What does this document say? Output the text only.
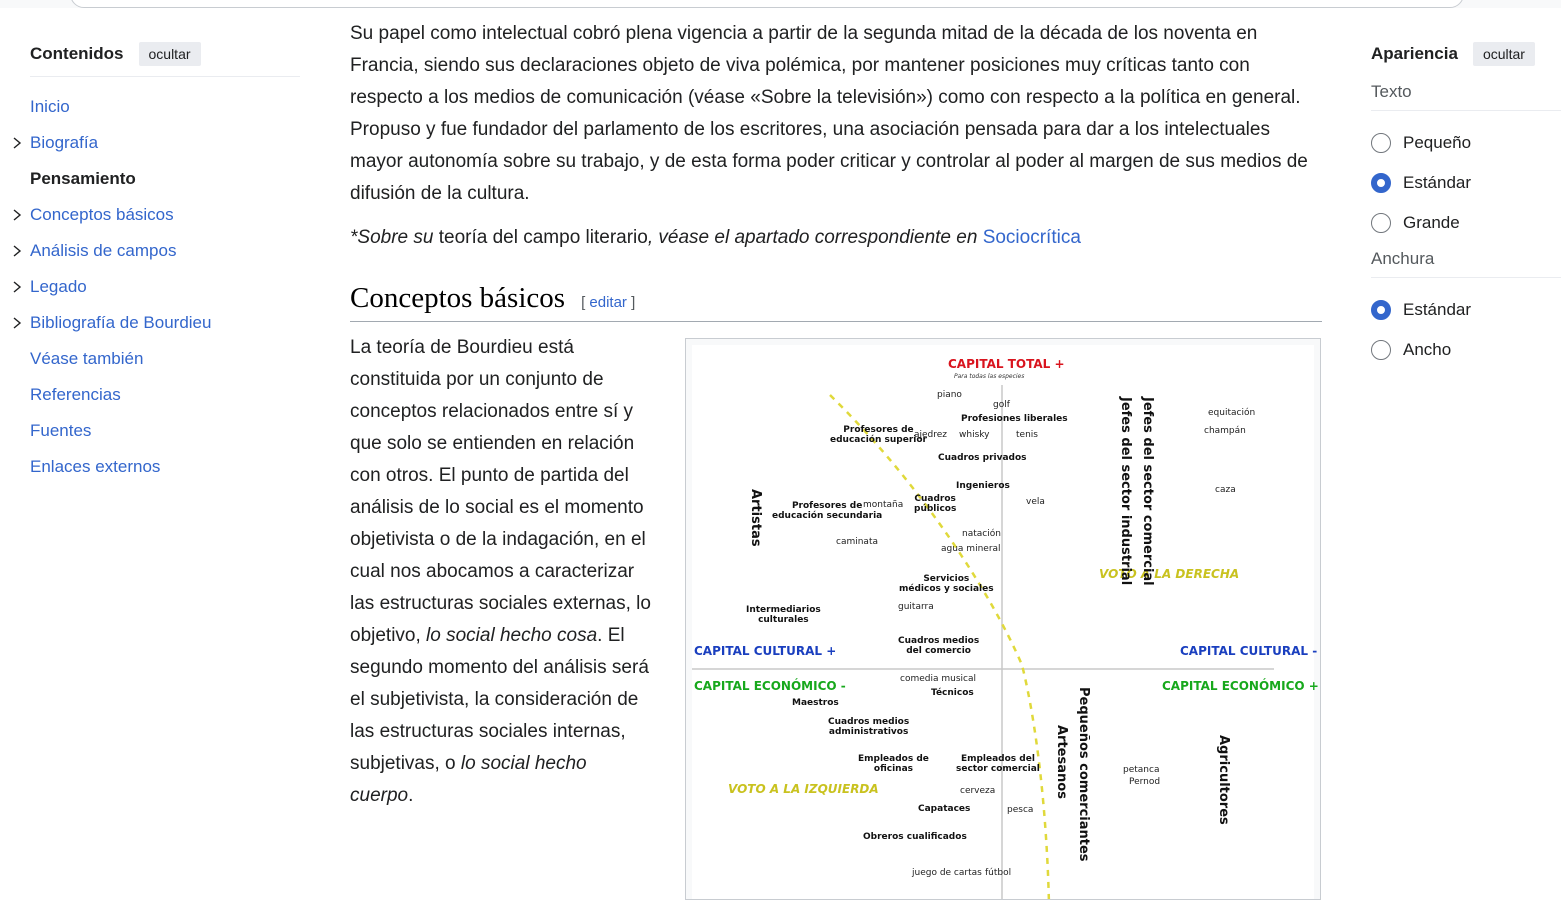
Contenidos	ocultar
Inicio
Biografía
Pensamiento
Conceptos básicos
Análisis de campos
Legado
Bibliografía de Bourdieu
Véase también
Referencias
Fuentes
Enlaces externos

Su papel como intelectual cobró plena vigencia a partir de la segunda mitad de la década de los noventa en Francia, siendo sus declaraciones objeto de viva polémica, por mantener posiciones muy críticas tanto con respecto a los medios de comunicación (véase «Sobre la televisión») como con respecto a la política en general. Propuso y fue fundador del parlamento de los escritores, una asociación pensada para dar a los intelectuales mayor autonomía sobre su trabajo, y de esta forma poder criticar y controlar al poder al margen de sus medios de difusión de la cultura.

*Sobre su teoría del campo literario, véase el apartado correspondiente en Sociocrítica

Conceptos básicos [ editar ]
La teoría de Bourdieu está constituida por un conjunto de conceptos relacionados entre sí y que solo se entienden en relación con otros. El punto de partida del análisis de lo social es el momento objetivista o de la indagación, en el cual nos abocamos a caracterizar las estructuras sociales externas, lo objetivo, lo social hecho cosa. El segundo momento del análisis será el subjetivista, la consideración de las estructuras sociales internas, subjetivas, o lo social hecho cuerpo.
CAPITAL TOTAL +
Para todas las especies
CAPITAL CULTURAL +	CAPITAL CULTURAL -
CAPITAL ECONÓMICO -	CAPITAL ECONÓMICO +
VOTO A LA DERECHA
VOTO A LA IZQUIERDA
Artistas	Jefes del sector industrial Jefes del sector comercial
Artesanos Pequeños comerciantes	Agricultores
Profesores de
educación superior
Profesiones liberales
Cuadros privados
Ingenieros
Cuadros
públicos
Profesores de
educación secundaria
Servicios
médicos y sociales
Intermediarios
culturales
Cuadros medios
del comercio
Técnicos
Maestros
Cuadros medios
administrativos
Empleados de
oficinas
Empleados del
sector comercial
Capataces
Obreros cualificados
piano
golf
ajedrez whisky	tenis
equitación
champán
caza
montaña	vela
natación
agua mineral
caminata
guitarra
comedia musical
cerveza
pesca
petanca
Pernod
juego de cartas fútbol
Apariencia	ocultar
Texto
Pequeño
Estándar
Grande
Anchura
Estándar
Ancho
